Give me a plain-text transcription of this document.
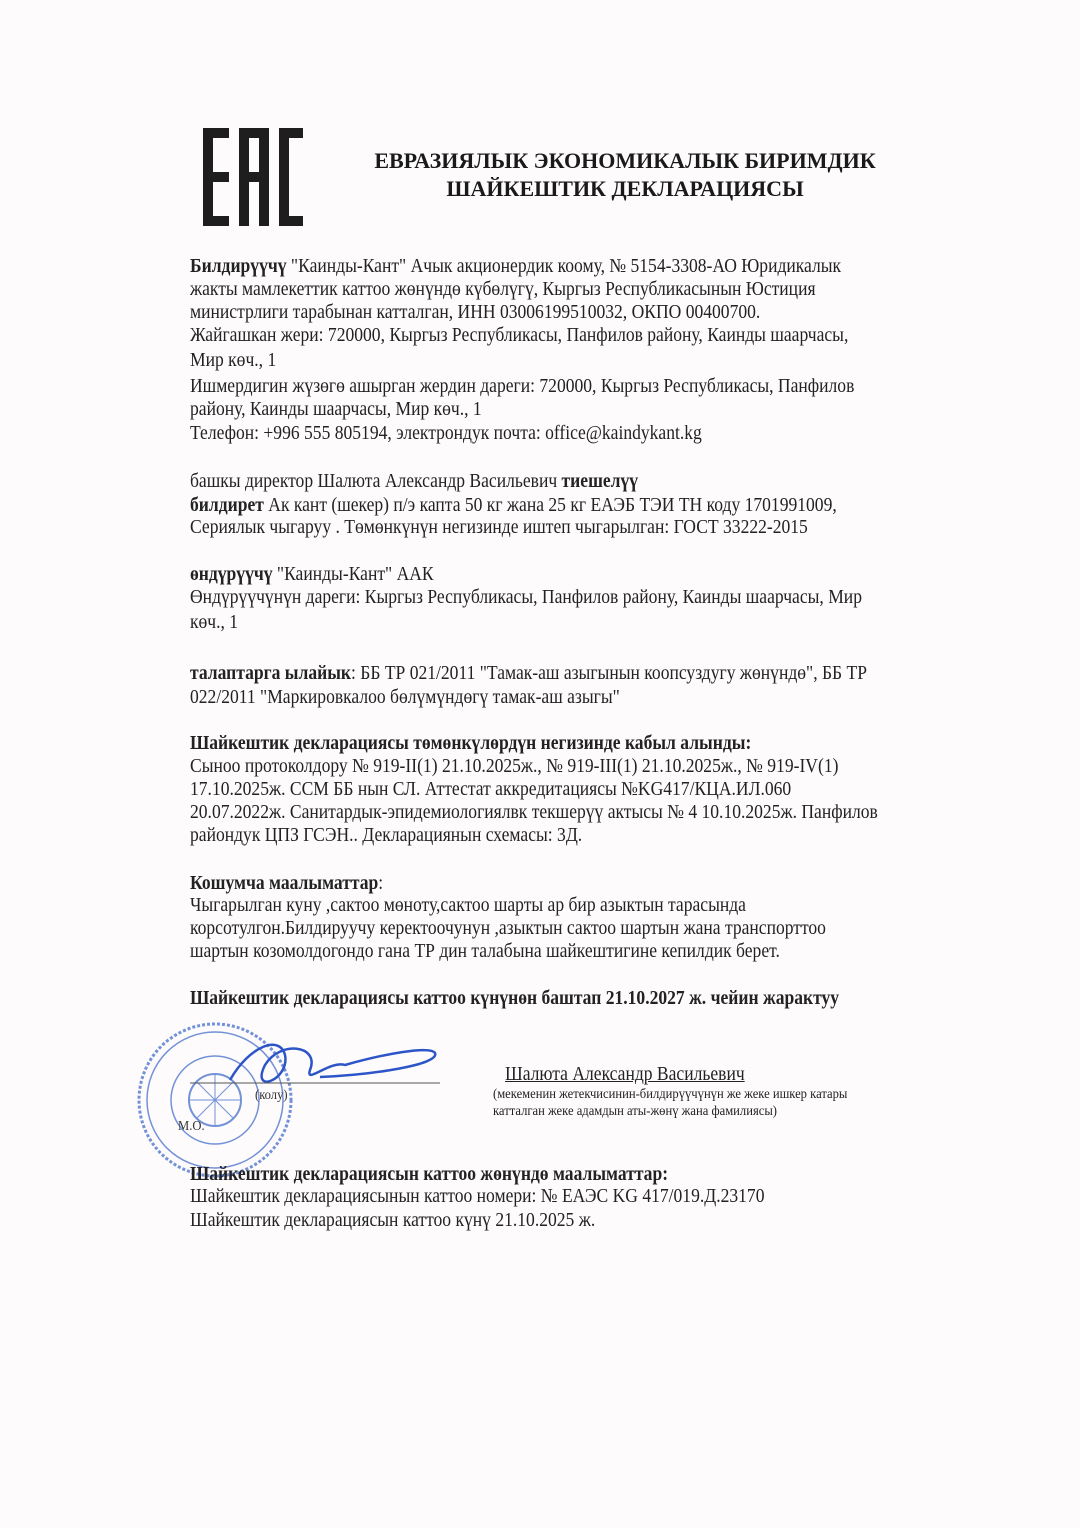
ЕВРАЗИЯЛЫК ЭКОНОМИКАЛЫК БИРИМДИК
ШАЙКЕШТИК ДЕКЛАРАЦИЯСЫ
Билдирүүчү "Каинды-Кант" Ачык акционердик коому, № 5154-3308-АО Юридикалык
жакты мамлекеттик каттоо жөнүндө күбөлүгү, Кыргыз Республикасынын Юстиция
министрлиги тарабынан катталган, ИНН 03006199510032, ОКПО 00400700.
Жайгашкан жери: 720000, Кыргыз Республикасы, Панфилов району, Каинды шаарчасы,
Мир көч., 1
Ишмердигин жүзөгө ашырган жердин дареги: 720000, Кыргыз Республикасы, Панфилов
району, Каинды шаарчасы, Мир көч., 1
Телефон: +996 555 805194, электрондук почта: office@kaindykant.kg
башкы директор Шалюта Александр Васильевич тиешелүү
билдирет Ак кант (шекер) п/э капта 50 кг жана 25 кг ЕАЭБ ТЭИ ТН коду 1701991009,
Сериялык чыгаруу . Төмөнкүнүн негизинде иштеп чыгарылган: ГОСТ 33222-2015
өндүрүүчү "Каинды-Кант" ААК
Өндүрүүчүнүн дареги: Кыргыз Республикасы, Панфилов району, Каинды шаарчасы, Мир
көч., 1
талаптарга ылайык: ББ ТР 021/2011 "Тамак-аш азыгынын коопсуздугу жөнүндө", ББ ТР
022/2011 "Маркировкалоо бөлүмүндөгү тамак-аш азыгы"
Шайкештик декларациясы төмөнкүлөрдүн негизинде кабыл алынды:
Сыноо протоколдору № 919-II(1) 21.10.2025ж., № 919-III(1) 21.10.2025ж., № 919-IV(1)
17.10.2025ж. ССМ ББ нын СЛ. Аттестат аккредитациясы №KG417/КЦА.ИЛ.060
20.07.2022ж. Санитардык-эпидемиологиялвк текшерүү актысы № 4 10.10.2025ж. Панфилов
райондук ЦПЗ ГСЭН.. Декларациянын схемасы: 3Д.
Кошумча маалыматтар:
Чыгарылган куну ,сактоо мөноту,сактоо шарты ар бир азыктын тарасында
корсотулгон.Билдируучу керектоочунун ,азыктын сактоо шартын жана транспорттоо
шартын козомолдогондо гана ТР дин талабына шайкештигине кепилдик берет.
Шайкештик декларациясы каттоо күнүнөн баштап 21.10.2027 ж. чейин жарактуу
(колу)
М.О.
Шалюта Александр Васильевич
(мекеменин жетекчисинин-билдирүүчүнүн же жеке ишкер катары
катталган жеке адамдын аты-жөнү жана фамилиясы)
Шайкештик декларациясын каттоо жөнүндө маалыматтар:
Шайкештик декларациясынын каттоо номери: № ЕАЭС KG 417/019.Д.23170
Шайкештик декларациясын каттоо күнү 21.10.2025 ж.
